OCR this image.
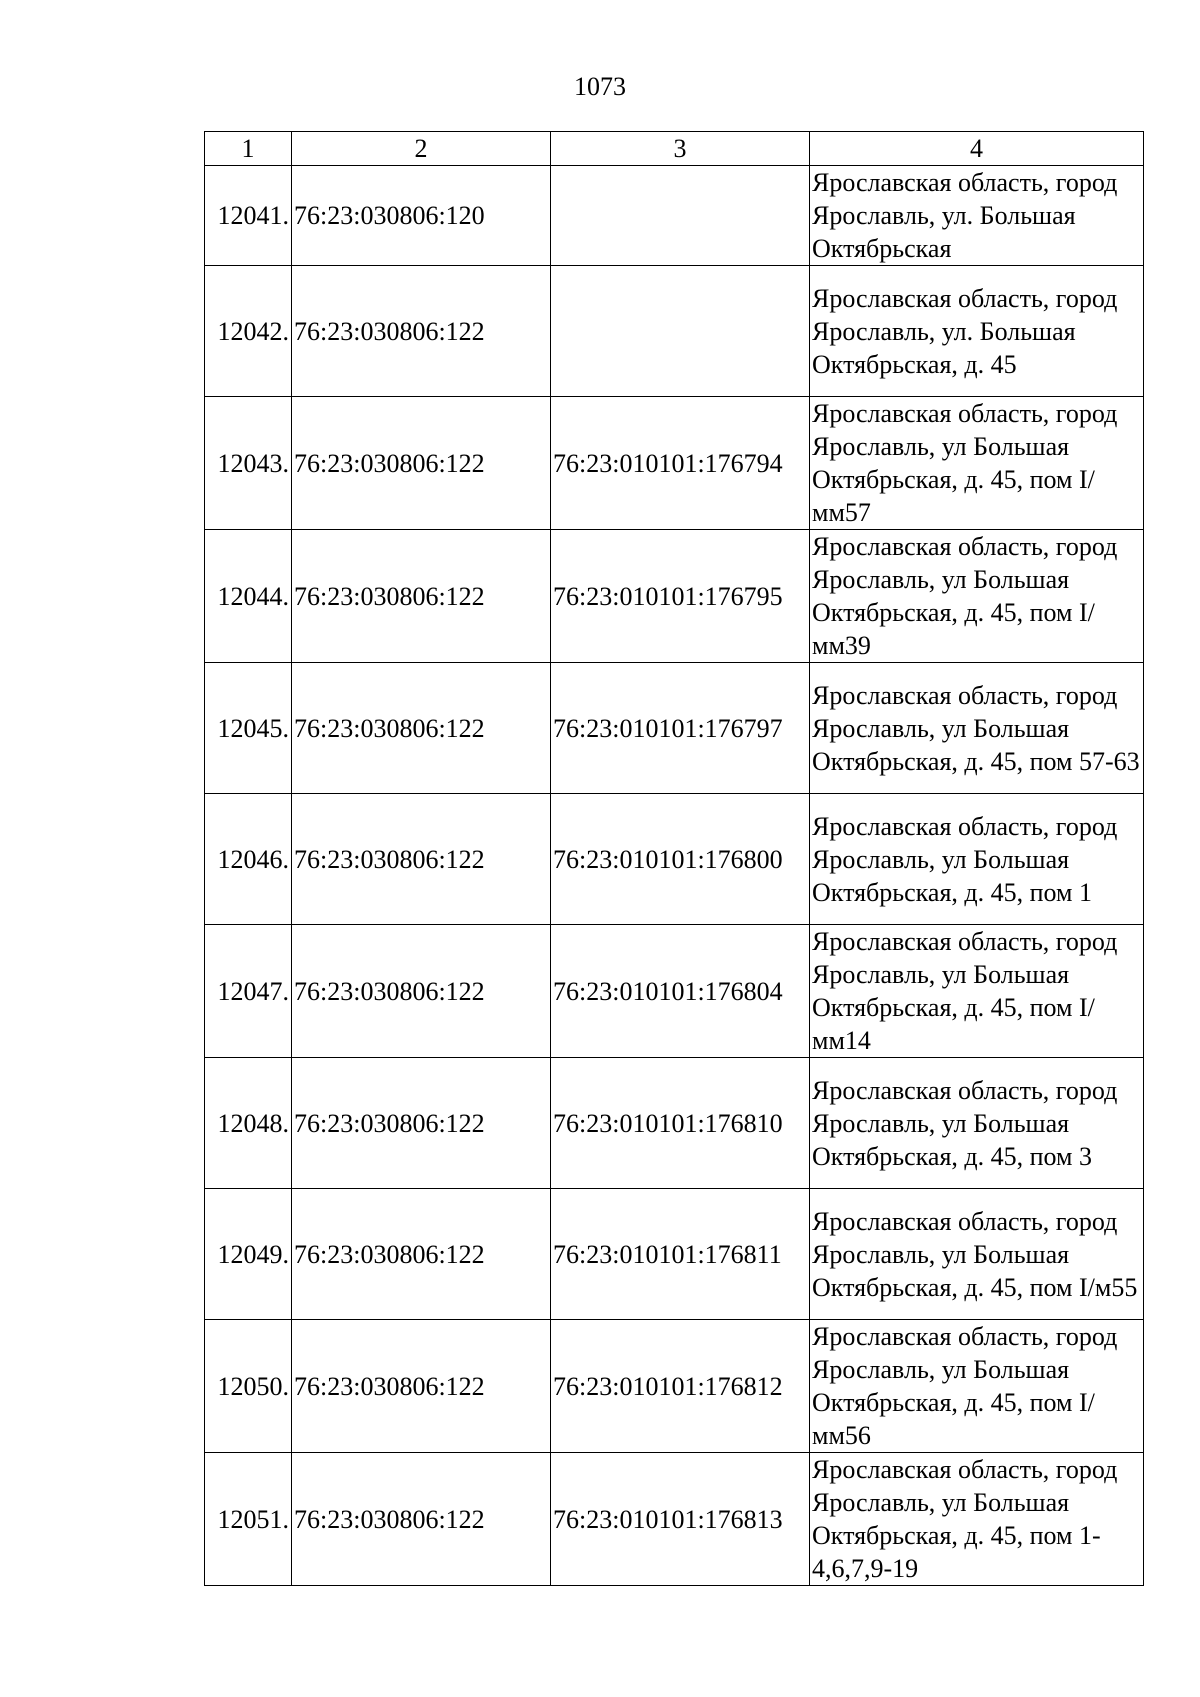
1073
1	2	3	4
12041.	76:23:030806:120		Ярославская область, город Ярославль, ул. Большая Октябрьская
12042.	76:23:030806:122		Ярославская область, город Ярославль, ул. Большая Октябрьская, д. 45
12043.	76:23:030806:122	76:23:010101:176794	Ярославская область, город Ярославль, ул Большая Октябрьская, д. 45, пом I/мм57
12044.	76:23:030806:122	76:23:010101:176795	Ярославская область, город Ярославль, ул Большая Октябрьская, д. 45, пом I/мм39
12045.	76:23:030806:122	76:23:010101:176797	Ярославская область, город Ярославль, ул Большая Октябрьская, д. 45, пом 57-63
12046.	76:23:030806:122	76:23:010101:176800	Ярославская область, город Ярославль, ул Большая Октябрьская, д. 45, пом 1
12047.	76:23:030806:122	76:23:010101:176804	Ярославская область, город Ярославль, ул Большая Октябрьская, д. 45, пом I/мм14
12048.	76:23:030806:122	76:23:010101:176810	Ярославская область, город Ярославль, ул Большая Октябрьская, д. 45, пом 3
12049.	76:23:030806:122	76:23:010101:176811	Ярославская область, город Ярославль, ул Большая Октябрьская, д. 45, пом I/м55
12050.	76:23:030806:122	76:23:010101:176812	Ярославская область, город Ярославль, ул Большая Октябрьская, д. 45, пом I/мм56
12051.	76:23:030806:122	76:23:010101:176813	Ярославская область, город Ярославль, ул Большая Октябрьская, д. 45, пом 1-4,6,7,9-19
